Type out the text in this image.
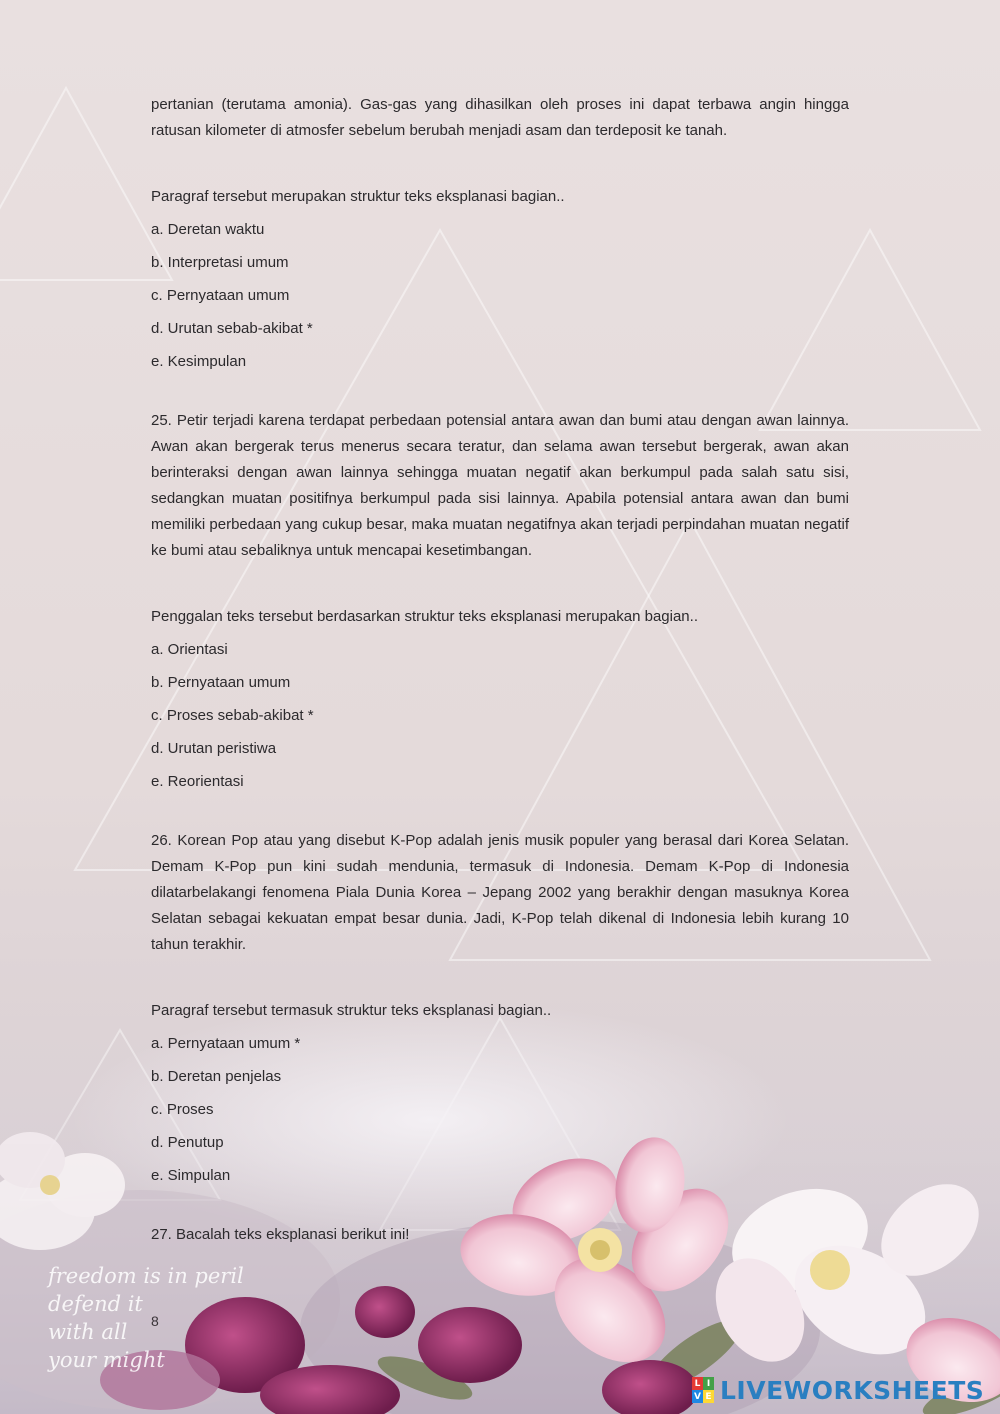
pertanian (terutama amonia). Gas-gas yang dihasilkan oleh proses ini dapat terbawa angin hingga ratusan kilometer di atmosfer sebelum berubah menjadi asam dan terdeposit ke tanah.

Paragraf tersebut merupakan struktur teks eksplanasi bagian..

a. Deretan waktu

b. Interpretasi umum

c. Pernyataan umum

d. Urutan sebab-akibat *

e. Kesimpulan

25. Petir terjadi karena terdapat perbedaan potensial antara awan dan bumi atau dengan awan lainnya. Awan akan bergerak terus menerus secara teratur, dan selama awan tersebut bergerak, awan akan berinteraksi dengan awan lainnya sehingga muatan negatif akan berkumpul pada salah satu sisi, sedangkan muatan positifnya berkumpul pada sisi lainnya. Apabila potensial antara awan dan bumi memiliki perbedaan yang cukup besar, maka muatan negatifnya akan terjadi perpindahan muatan negatif ke bumi atau sebaliknya untuk mencapai kesetimbangan.

Penggalan teks tersebut berdasarkan struktur teks eksplanasi merupakan bagian..

a. Orientasi

b. Pernyataan umum

c. Proses sebab-akibat *

d. Urutan peristiwa

e. Reorientasi

26. Korean Pop atau yang disebut K-Pop adalah jenis musik populer yang berasal dari Korea Selatan. Demam K-Pop pun kini sudah mendunia, termasuk di Indonesia. Demam K-Pop di Indonesia dilatarbelakangi fenomena Piala Dunia Korea – Jepang 2002 yang berakhir dengan masuknya Korea Selatan sebagai kekuatan empat besar dunia. Jadi, K-Pop telah dikenal di Indonesia lebih kurang 10 tahun terakhir.

Paragraf tersebut termasuk struktur teks eksplanasi bagian..

a. Pernyataan umum *

b. Deretan penjelas

c. Proses

d. Penutup

e. Simpulan

27. Bacalah teks eksplanasi berikut ini!

freedom is in peril
defend it
with all
your might
8
L I
V E LIVEWORKSHEETS
